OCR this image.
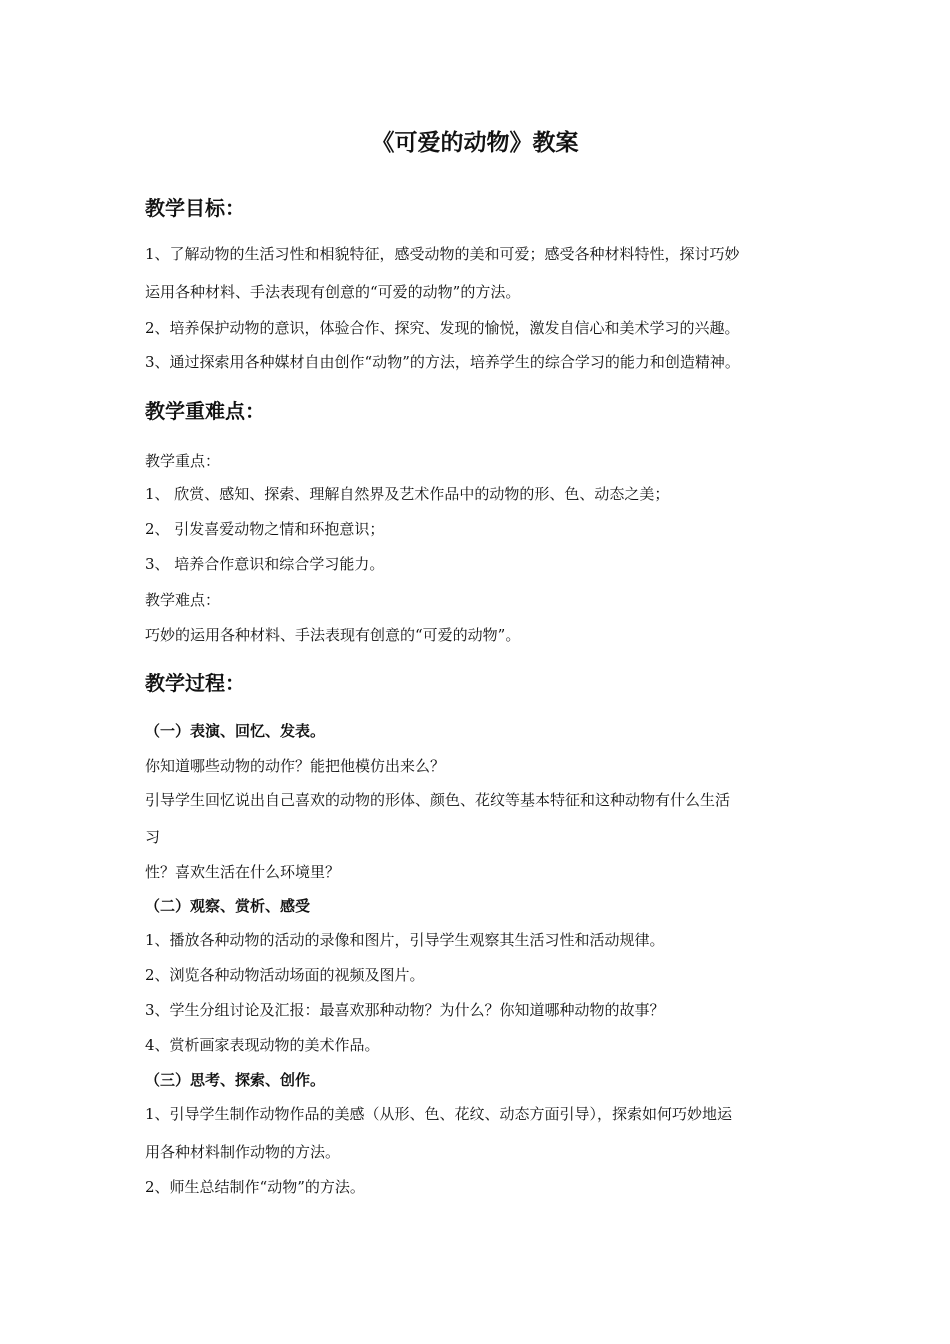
《可爱的动物》教案
教学目标：
1、了解动物的生活习性和相貌特征，感受动物的美和可爱；感受各种材料特性，探讨巧妙
运用各种材料、手法表现有创意的“可爱的动物”的方法。
2、培养保护动物的意识，体验合作、探究、发现的愉悦，激发自信心和美术学习的兴趣。
3、通过探索用各种媒材自由创作“动物”的方法，培养学生的综合学习的能力和创造精神。
教学重难点：
教学重点：
1、 欣赏、感知、探索、理解自然界及艺术作品中的动物的形、色、动态之美；
2、 引发喜爱动物之情和环抱意识；
3、 培养合作意识和综合学习能力。
教学难点：
巧妙的运用各种材料、手法表现有创意的“可爱的动物”。
教学过程：
（一）表演、回忆、发表。
你知道哪些动物的动作？能把他模仿出来么？
引导学生回忆说出自己喜欢的动物的形体、颜色、花纹等基本特征和这种动物有什么生活
习
性？喜欢生活在什么环境里？
（二）观察、赏析、感受
1、播放各种动物的活动的录像和图片，引导学生观察其生活习性和活动规律。
2、浏览各种动物活动场面的视频及图片。
3、学生分组讨论及汇报：最喜欢那种动物？为什么？你知道哪种动物的故事？
4、赏析画家表现动物的美术作品。
（三）思考、探索、创作。
1、引导学生制作动物作品的美感（从形、色、花纹、动态方面引导），探索如何巧妙地运
用各种材料制作动物的方法。
2、师生总结制作“动物”的方法。
